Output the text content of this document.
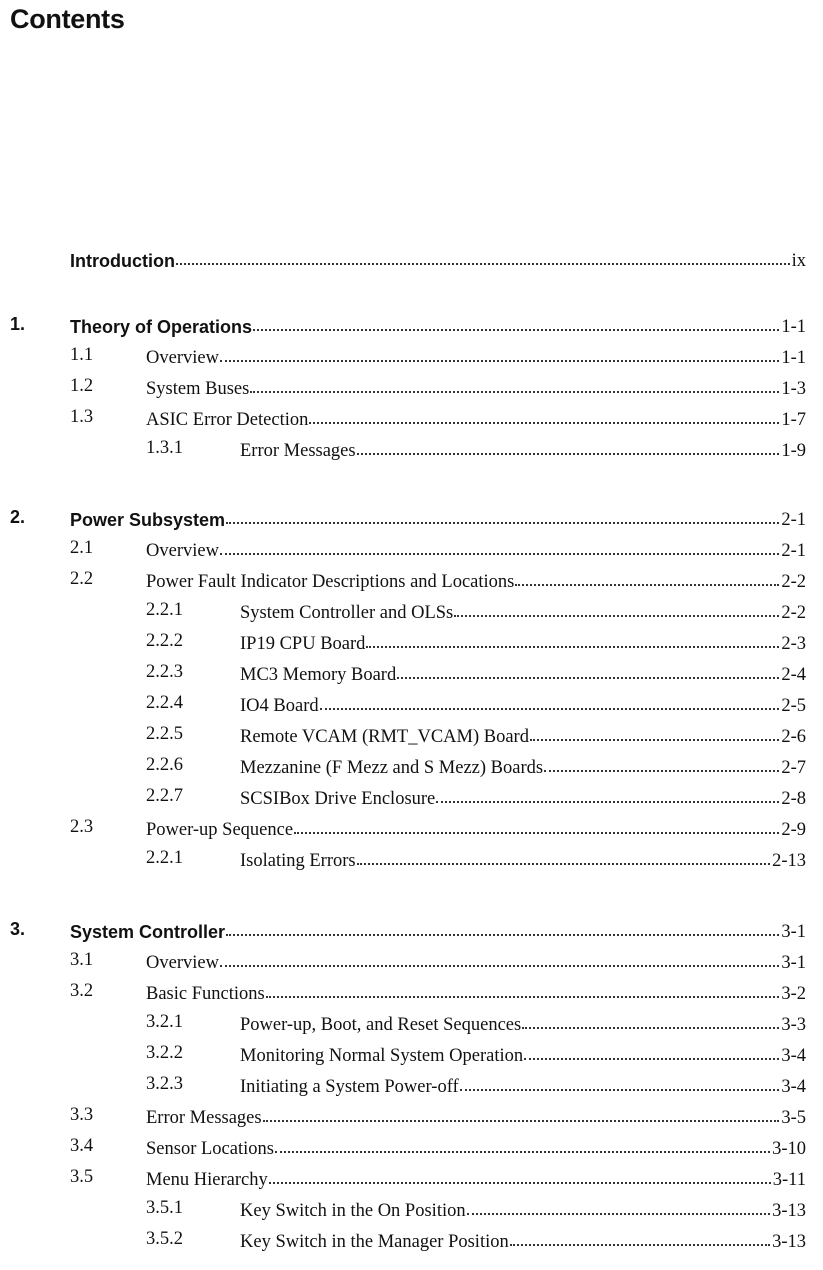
Contents
Introduction	ix
1. Theory of Operations	1-1
1.1	Overview	1-1
1.2	System Buses	1-3
1.3	ASIC Error Detection	1-7
1.3.1	Error Messages	1-9
2. Power Subsystem	2-1
2.1	Overview	2-1
2.2	Power Fault Indicator Descriptions and Locations	2-2
2.2.1	System Controller and OLSs	2-2
2.2.2	IP19 CPU Board	2-3
2.2.3	MC3 Memory Board	2-4
2.2.4	IO4 Board	2-5
2.2.5	Remote VCAM (RMT_VCAM) Board	2-6
2.2.6	Mezzanine (F Mezz and S Mezz) Boards	2-7
2.2.7	SCSIBox Drive Enclosure	2-8
2.3	Power-up Sequence	2-9
2.2.1	Isolating Errors	2-13
3. System Controller	3-1
3.1	Overview	3-1
3.2	Basic Functions	3-2
3.2.1	Power-up, Boot, and Reset Sequences	3-3
3.2.2	Monitoring Normal System Operation	3-4
3.2.3	Initiating a System Power-off	3-4
3.3	Error Messages	3-5
3.4	Sensor Locations	3-10
3.5	Menu Hierarchy	3-11
3.5.1	Key Switch in the On Position	3-13
3.5.2	Key Switch in the Manager Position	3-13
